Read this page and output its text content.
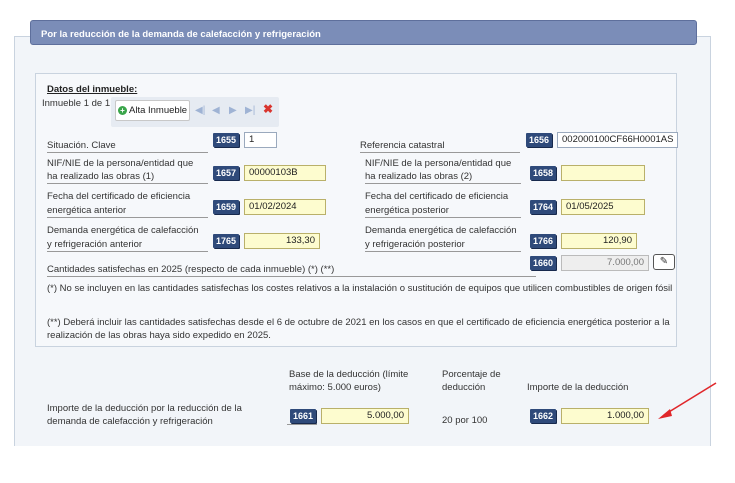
Por la reducción de la demanda de calefacción y refrigeración
Datos del inmueble:
Inmueble 1 de 1
+ Alta Inmueble ◀| ◀ ▶ ▶| ✖
Situación. Clave	1655	1
Referencia catastral	1656	002000100CF66H0001AS
NIF/NIE de la persona/entidad que
ha realizado las obras (1)	1657	00000103B
NIF/NIE de la persona/entidad que
ha realizado las obras (2)	1658
Fecha del certificado de eficiencia
energética anterior	1659	01/02/2024
Fecha del certificado de eficiencia
energética posterior	1764	01/05/2025
Demanda energética de calefacción
y refrigeración anterior	1765	133,30
Demanda energética de calefacción
y refrigeración posterior	1766	120,90
Cantidades satisfechas en 2025 (respecto de cada inmueble) (*) (**)
1660	7.000,00	✎
(*) No se incluyen en las cantidades satisfechas los costes relativos a la instalación o sustitución de equipos que utilicen combustibles de origen fósil
(**) Deberá incluir las cantidades satisfechas desde el 6 de octubre de 2021 en los casos en que el certificado de eficiencia energética posterior a la realización de las obras haya sido expedido en 2025.
Base de la deducción (límite
máximo: 5.000 euros)
Porcentaje de
deducción	Importe de la deducción
Importe de la deducción por la reducción de la
demanda de calefacción y refrigeración	1661	5.000,00	20 por 100	1662	1.000,00
